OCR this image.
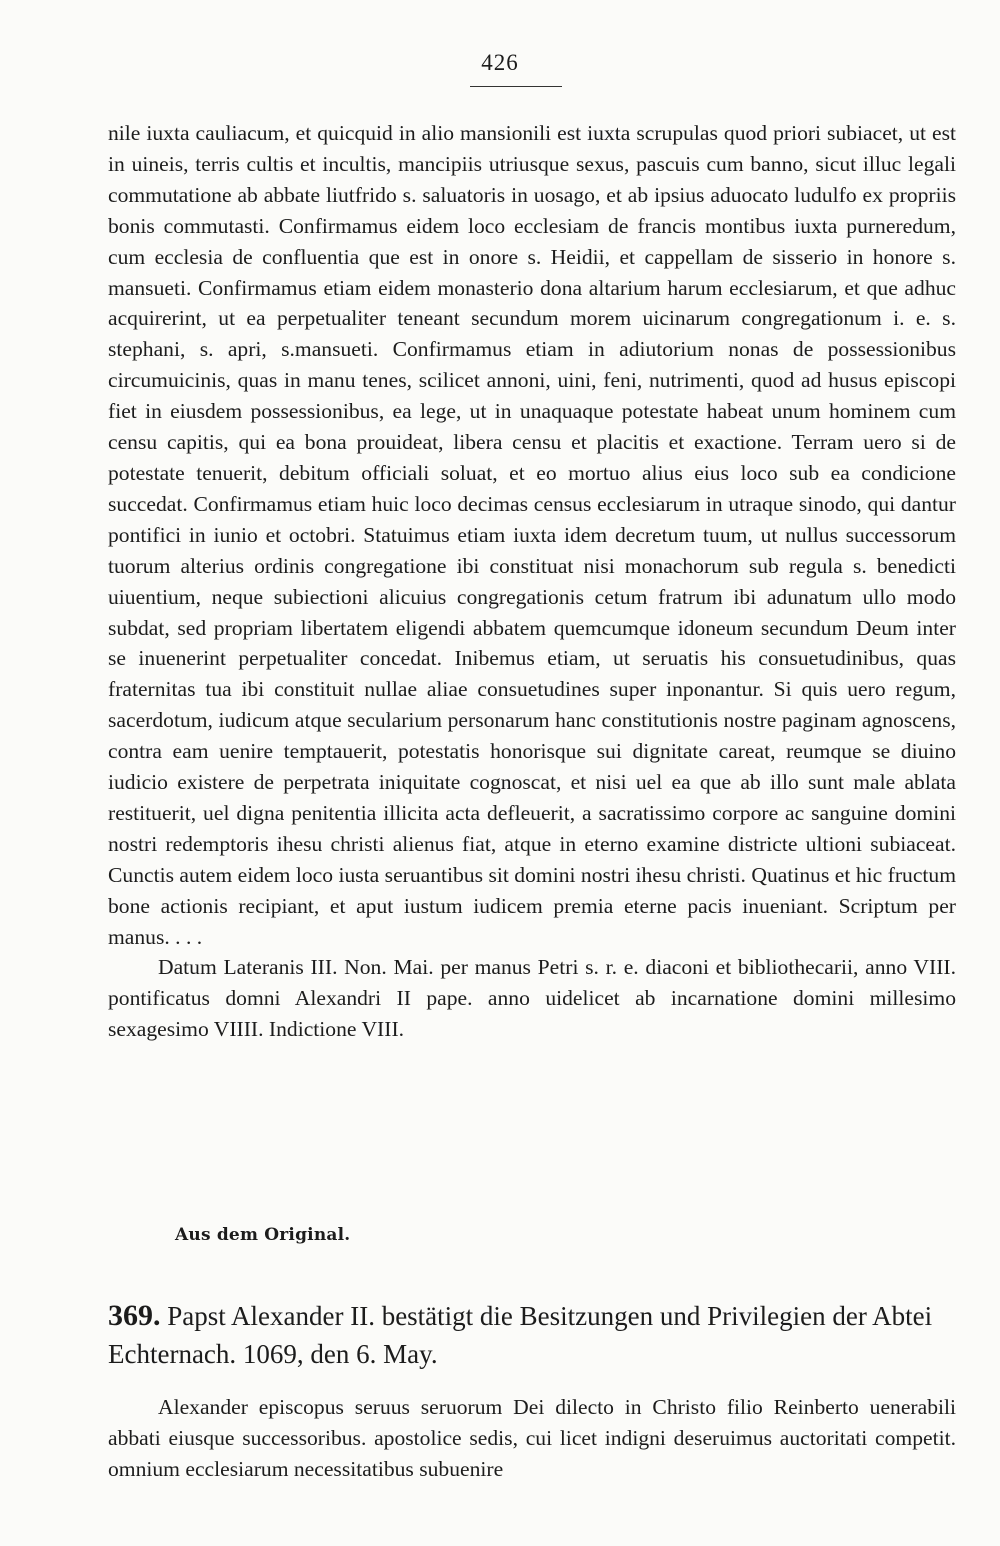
426

nile iuxta cauliacum, et quicquid in alio mansionili est iuxta scrupulas quod priori subiacet, ut est in uineis, terris cultis et incultis, mancipiis utriusque sexus, pascuis cum banno, sicut illuc legali commutatione ab abbate liutfrido s. saluatoris in uosago, et ab ipsius aduocato ludulfo ex propriis bonis commutasti. Confirmamus eidem loco ecclesiam de francis montibus iuxta purneredum, cum ecclesia de confluentia que est in onore s. Heidii, et cappellam de sisserio in honore s. mansueti. Confirmamus etiam eidem monasterio dona altarium harum ecclesiarum, et que adhuc acquirerint, ut ea perpetualiter teneant secundum morem uicinarum congregationum i. e. s. stephani, s. apri, s.mansueti. Confirmamus etiam in adiutorium nonas de possessionibus circumuicinis, quas in manu tenes, scilicet annoni, uini, feni, nutrimenti, quod ad husus episcopi fiet in eiusdem possessionibus, ea lege, ut in unaquaque potestate habeat unum hominem cum censu capitis, qui ea bona prouideat, libera censu et placitis et exactione. Terram uero si de potestate tenuerit, debitum officiali soluat, et eo mortuo alius eius loco sub ea condicione succedat. Confirmamus etiam huic loco decimas census ecclesiarum in utraque sinodo, qui dantur pontifici in iunio et octobri. Statuimus etiam iuxta idem decretum tuum, ut nullus successorum tuorum alterius ordinis congregatione ibi constituat nisi monachorum sub regula s. benedicti uiuentium, neque subiectioni alicuius congregationis cetum fratrum ibi adunatum ullo modo subdat, sed propriam libertatem eligendi abbatem quemcumque idoneum secundum Deum inter se inuenerint perpetualiter concedat. Inibemus etiam, ut seruatis his consuetudinibus, quas fraternitas tua ibi constituit nullae aliae consuetudines super inponantur. Si quis uero regum, sacerdotum, iudicum atque secularium personarum hanc constitutionis nostre paginam agnoscens, contra eam uenire temptauerit, potestatis honorisque sui dignitate careat, reumque se diuino iudicio existere de perpetrata iniquitate cognoscat, et nisi uel ea que ab illo sunt male ablata restituerit, uel digna penitentia illicita acta defleuerit, a sacratissimo corpore ac sanguine domini nostri redemptoris ihesu christi alienus fiat, atque in eterno examine districte ultioni subiaceat. Cunctis autem eidem loco iusta seruantibus sit domini nostri ihesu christi. Quatinus et hic fructum bone actionis recipiant, et aput iustum iudicem premia eterne pacis inueniant. Scriptum per manus. . . .

Datum Lateranis III. Non. Mai. per manus Petri s. r. e. diaconi et bibliothecarii, anno VIII. pontificatus domni Alexandri II pape. anno uidelicet ab incarnatione domini millesimo sexagesimo VIIII. Indictione VIII.

Aus dem Original.
369. Papst Alexander II. bestätigt die Besitzungen und Privilegien der Abtei Echternach. 1069, den 6. May.

Alexander episcopus seruus seruorum Dei dilecto in Christo filio Reinberto uenerabili abbati eiusque successoribus. apostolice sedis, cui licet indigni deseruimus auctoritati competit. omnium ecclesiarum necessitatibus subuenire
